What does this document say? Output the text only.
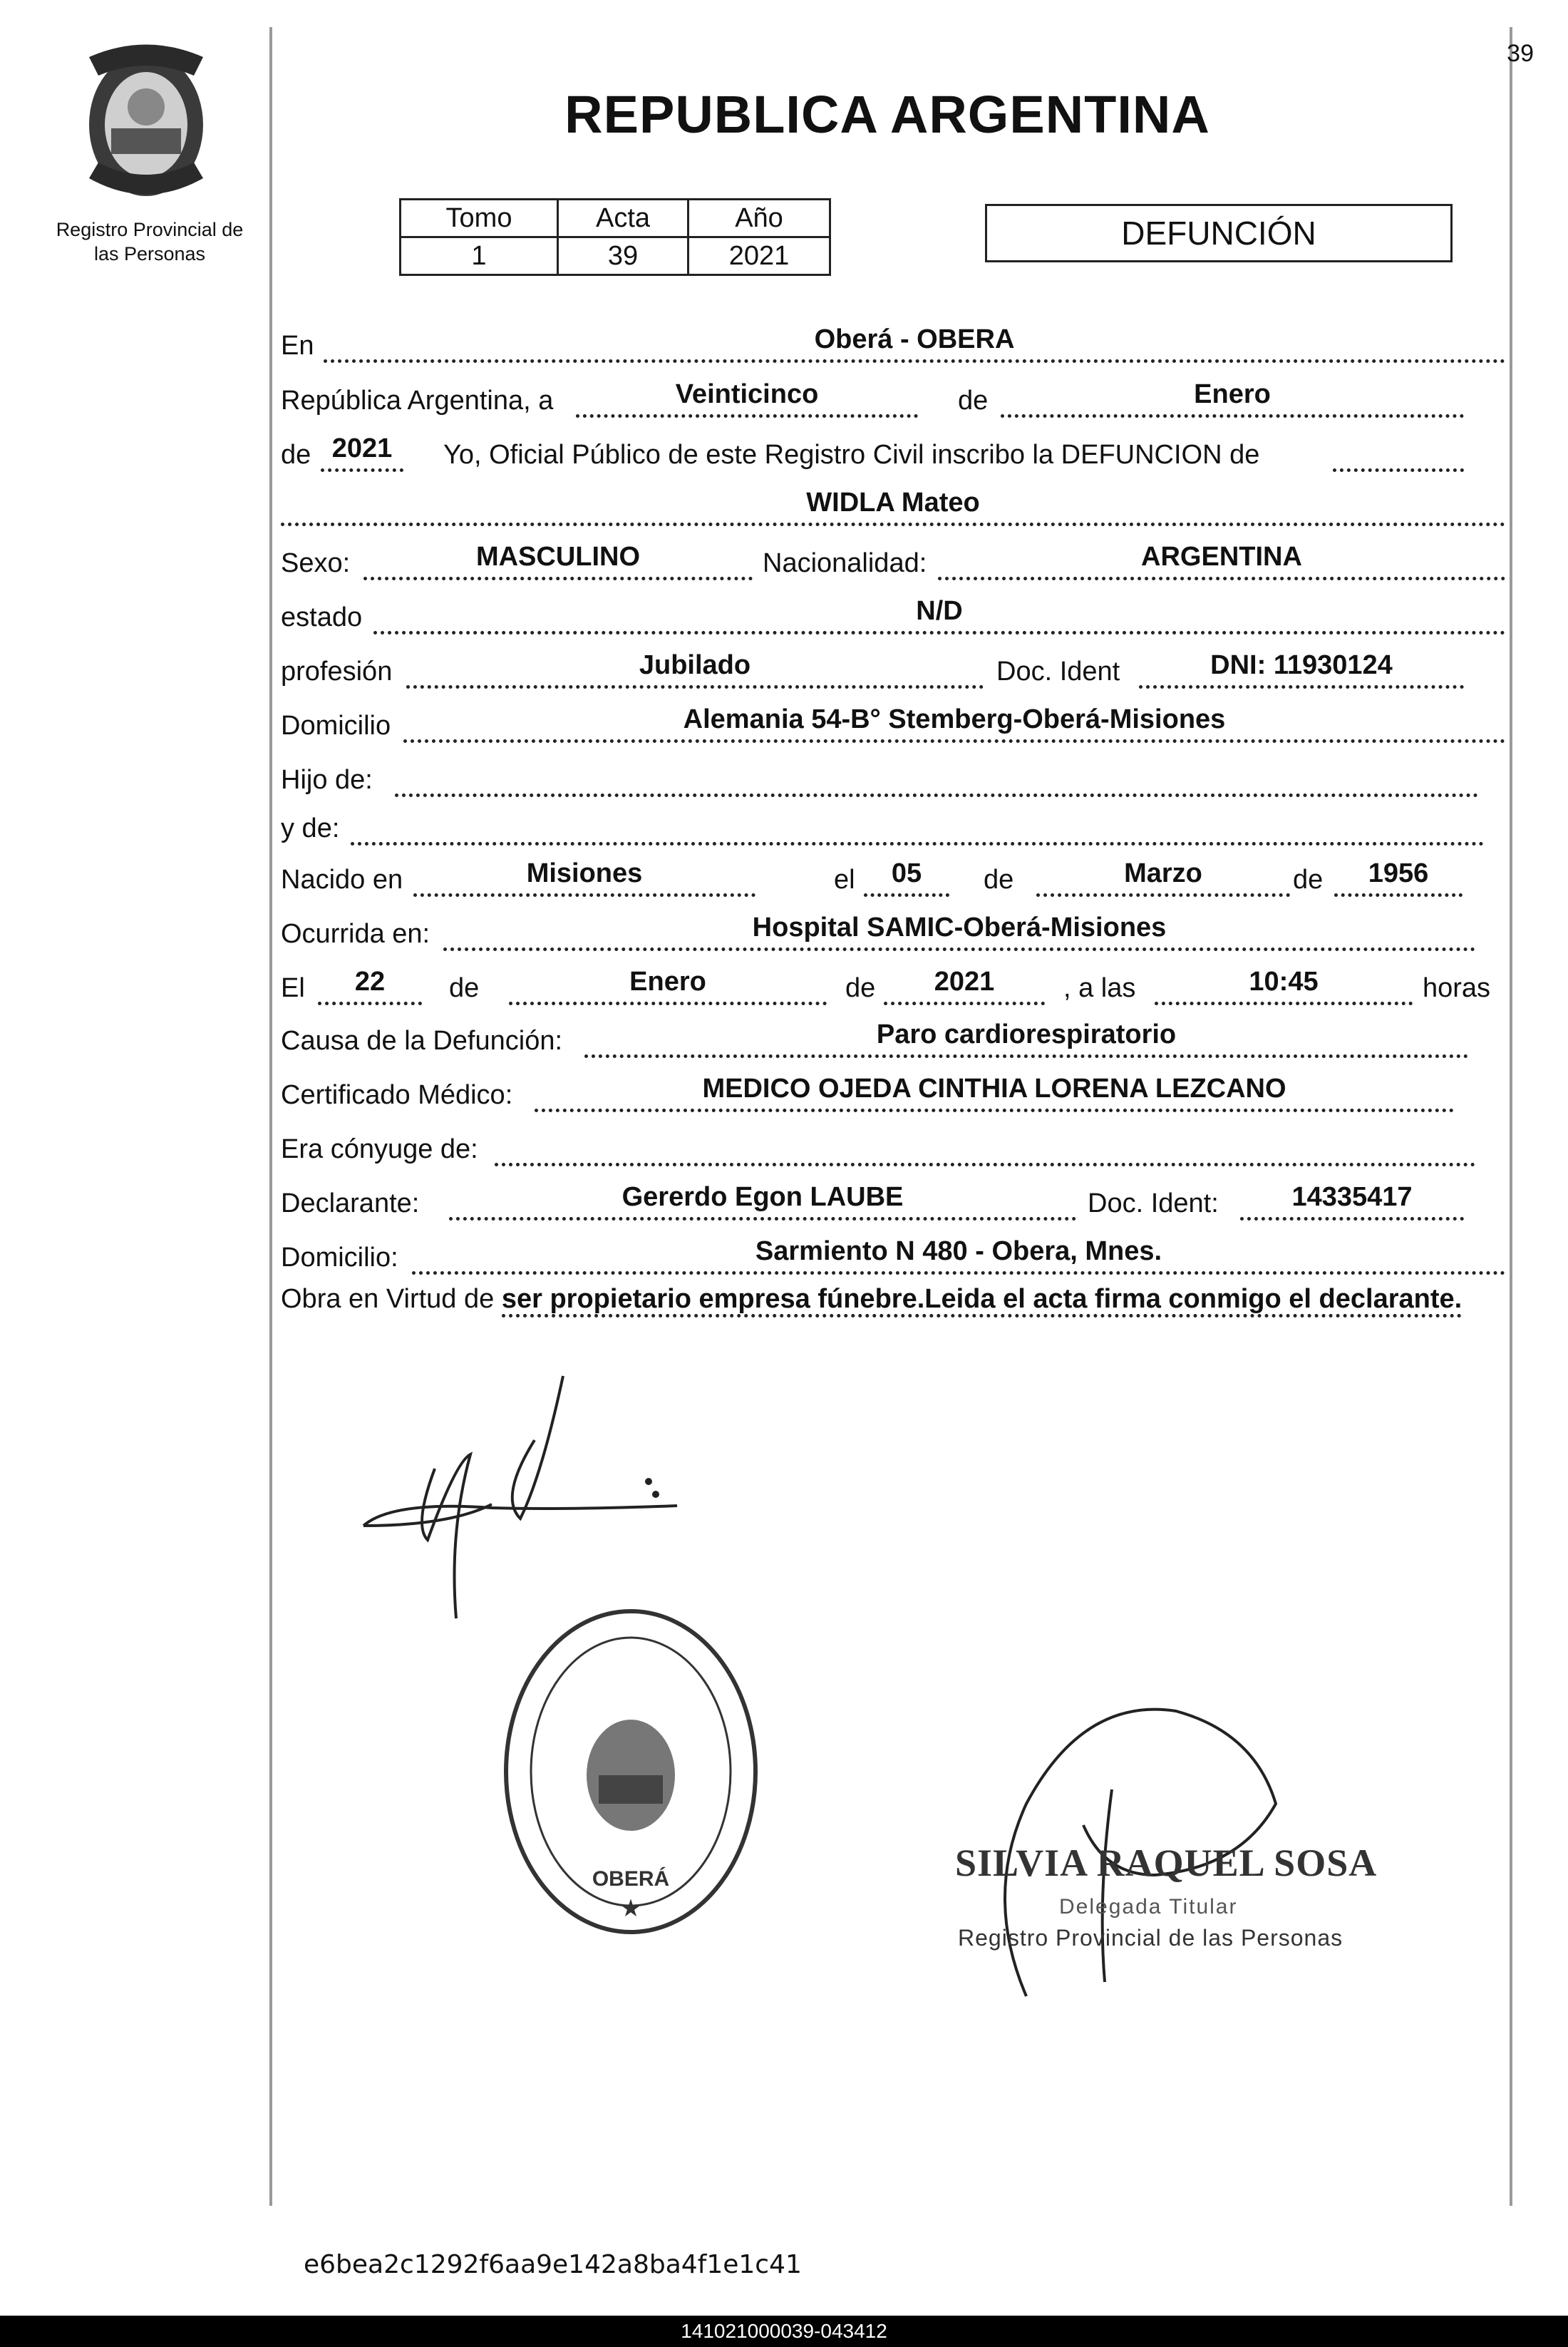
39
Registro Provincial de
las Personas
REPUBLICA ARGENTINA
Tomo	Acta	Año
1	39	2021
DEFUNCIÓN
En	Oberá - OBERA
República Argentina, a	Veinticinco	de	Enero
de 2021 Yo, Oficial Público de este Registro Civil inscribo la DEFUNCION de
WIDLA Mateo
Sexo:	MASCULINO	Nacionalidad:	ARGENTINA
estado	N/D
profesión	Jubilado	Doc. Ident	DNI: 11930124
Domicilio	Alemania 54-B° Stemberg-Oberá-Misiones
Hijo de:
y de:
Nacido en	Misiones	el 05 de	Marzo	de 1956
Ocurrida en:	Hospital SAMIC-Oberá-Misiones
El 22 de	Enero	de 2021	, a las	10:45	horas
Causa de la Defunción:	Paro cardiorespiratorio
Certificado Médico:	MEDICO OJEDA CINTHIA LORENA LEZCANO
Era cónyuge de:
Declarante:	Gererdo Egon LAUBE	Doc. Ident:	14335417
Domicilio:	Sarmiento N 480 - Obera, Mnes.
Obra en Virtud de ser propietario empresa fúnebre.Leida el acta firma conmigo el declarante.
OBERÁ
★
SILVIA RAQUEL SOSA
Delegada Titular
Registro Provincial de las Personas
e6bea2c1292f6aa9e142a8ba4f1e1c41
141021000039-043412
